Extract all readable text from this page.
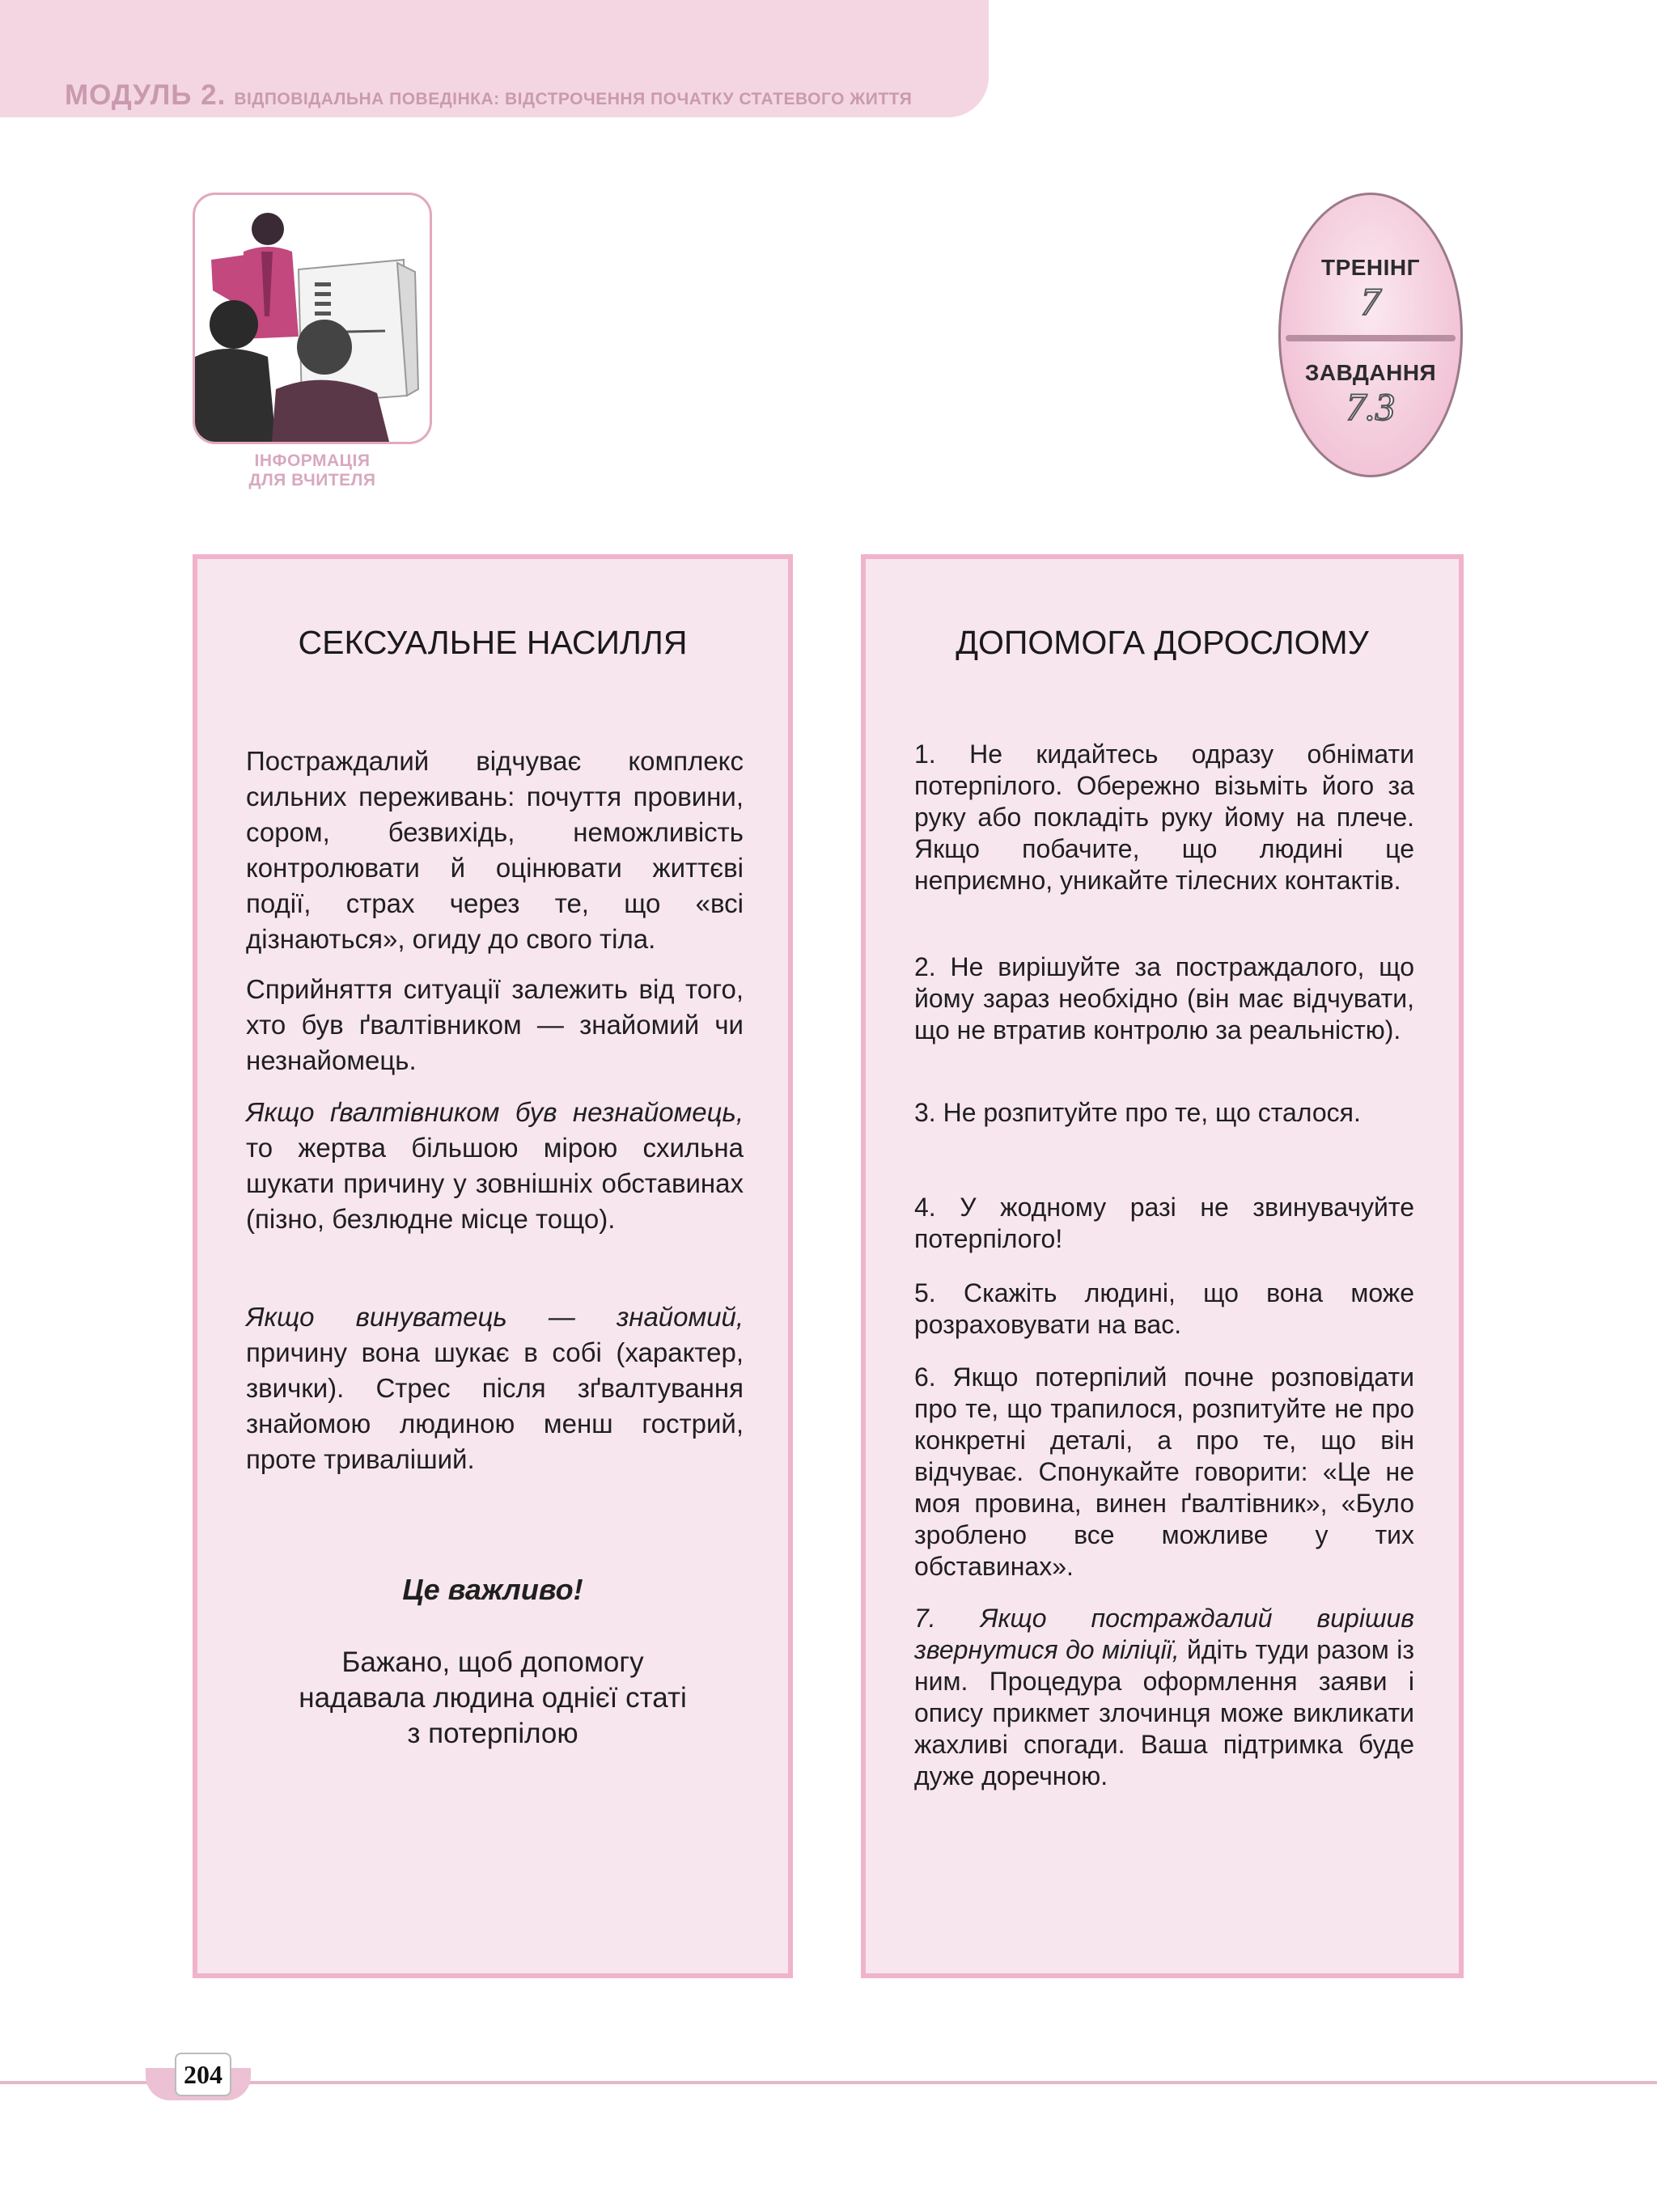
МОДУЛЬ 2. ВІДПОВІДАЛЬНА ПОВЕДІНКА: ВІДСТРОЧЕННЯ ПОЧАТКУ СТАТЕВОГО ЖИТТЯ
ІНФОРМАЦІЯ
ДЛЯ ВЧИТЕЛЯ
ТРЕНІНГ
7
ЗАВДАННЯ
7.3
СЕКСУАЛЬНЕ НАСИЛЛЯ
Постраждалий відчуває комплекс сильних переживань: почуття провини, сором, безвихідь, неможливість контролювати й оцінювати життєві події, страх через те, що «всі дізнаються», огиду до свого тіла.
Сприйняття ситуації залежить від того, хто був ґвалтівником — знайомий чи незнайомець.
Якщо ґвалтівником був незнайомець, то жертва більшою мірою схильна шукати причину у зовнішніх обставинах (пізно, безлюдне місце тощо).
Якщо винуватець — знайомий, причину вона шукає в собі (характер, звички). Стрес після зґвалтування знайомою людиною менш гострий, проте триваліший.
Це важливо!
Бажано, щоб допомогу
надавала людина однієї статі
з потерпілою
ДОПОМОГА ДОРОСЛОМУ
1. Не кидайтесь одразу обнімати потерпілого. Обережно візьміть його за руку або покладіть руку йому на плече. Якщо побачите, що людині це неприємно, уникайте тілесних контактів.
2. Не вирішуйте за постраждалого, що йому зараз необхідно (він має відчувати, що не втратив контролю за реальністю).
3. Не розпитуйте про те, що сталося.
4. У жодному разі не звинувачуйте потерпілого!
5. Скажіть людині, що вона може розраховувати на вас.
6. Якщо потерпілий почне розповідати про те, що трапилося, розпитуйте не про конкретні деталі, а про те, що він відчуває. Спонукайте говорити: «Це не моя провина, винен ґвалтівник», «Було зроблено все можливе у тих обставинах».
7. Якщо постраждалий вирішив звернутися до міліції, йдіть туди разом із ним. Процедура оформлення заяви і опису прикмет злочинця може викликати жахливі спогади. Ваша підтримка буде дуже доречною.
204
